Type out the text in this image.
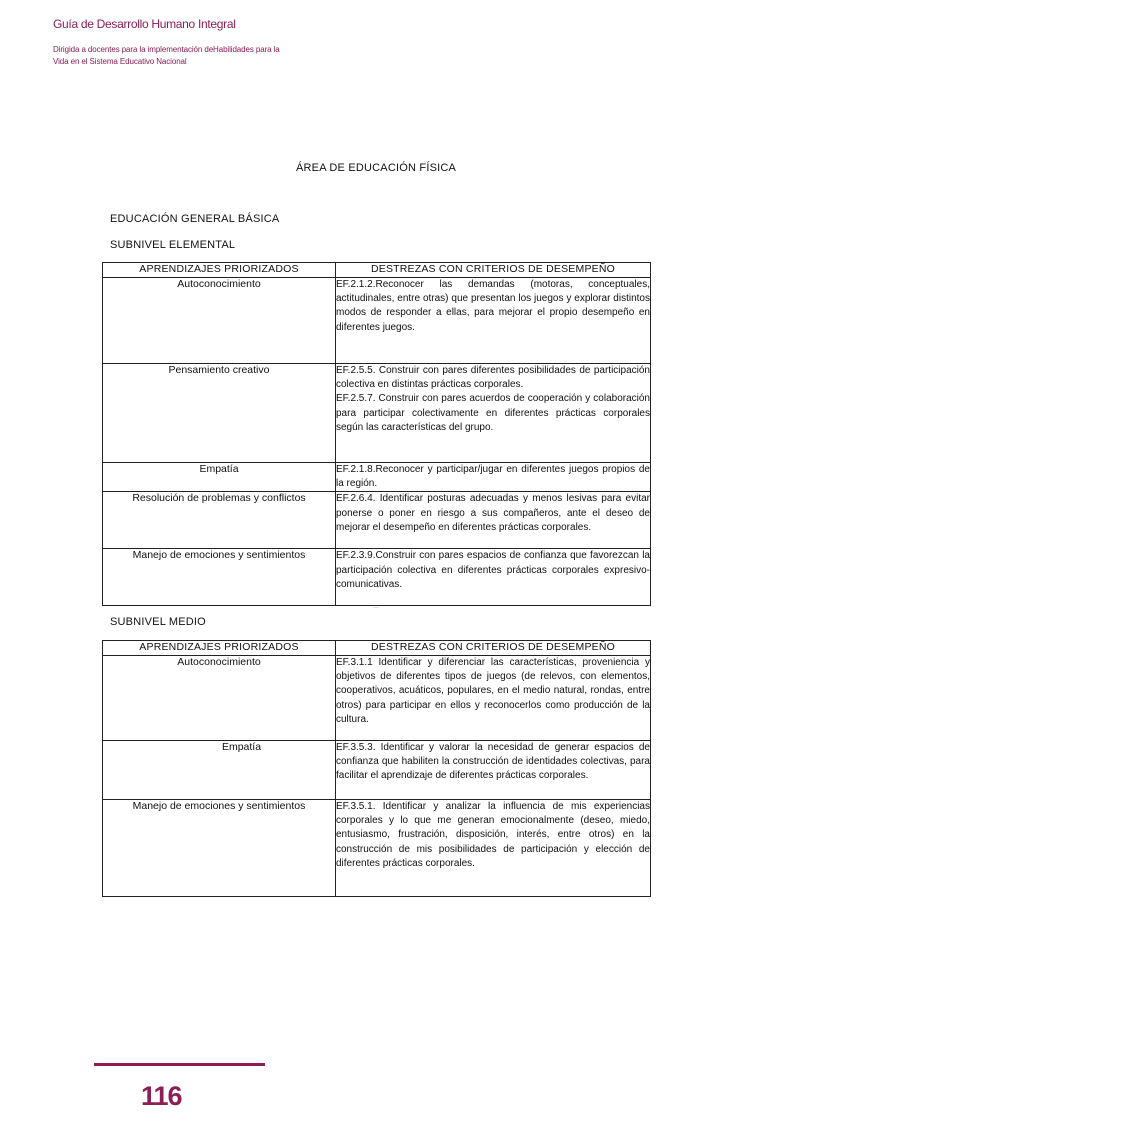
Guía de Desarrollo Humano Integral
Dirigida a docentes para la implementación deHabilidades para la
Vida en el Sistema Educativo Nacional
ÁREA DE EDUCACIÓN FÍSICA
EDUCACIÓN GENERAL BÁSICA
SUBNIVEL ELEMENTAL
APRENDIZAJES PRIORIZADOS	DESTREZAS CON CRITERIOS DE DESEMPEÑO
Autoconocimiento	EF.2.1.2.Reconocer las demandas (motoras, conceptuales, actitudinales, entre otras) que presentan los juegos y explorar distintos modos de responder a ellas, para mejorar el propio desempeño en diferentes juegos.

Pensamiento creativo	EF.2.5.5. Construir con pares diferentes posibilidades de participación colectiva en distintas prácticas corporales.

EF.2.5.7. Construir con pares acuerdos de cooperación y colaboración para participar colectivamente en diferentes prácticas corporales según las características del grupo.

Empatía	EF.2.1.8.Reconocer y participar/jugar en diferentes juegos propios de la región.

Resolución de problemas y conflictos	EF.2.6.4. Identificar posturas adecuadas y menos lesivas para evitar ponerse o poner en riesgo a sus compañeros, ante el deseo de mejorar el desempeño en diferentes prácticas corporales.

Manejo de emociones y sentimientos	EF.2.3.9.Construir con pares espacios de confianza que favorezcan la participación colectiva en diferentes prácticas corporales expresivo-comunicativas.

...
SUBNIVEL MEDIO
APRENDIZAJES PRIORIZADOS	DESTREZAS CON CRITERIOS DE DESEMPEÑO
Autoconocimiento	EF.3.1.1 Identificar y diferenciar las características, proveniencia y objetivos de diferentes tipos de juegos (de relevos, con elementos, cooperativos, acuáticos, populares, en el medio natural, rondas, entre otros) para participar en ellos y reconocerlos como producción de la cultura.

Empatía	EF.3.5.3. Identificar y valorar la necesidad de generar espacios de confianza que habiliten la construcción de identidades colectivas, para facilitar el aprendizaje de diferentes prácticas corporales.

Manejo de emociones y sentimientos	EF.3.5.1. Identificar y analizar la influencia de mis experiencias corporales y lo que me generan emocionalmente (deseo, miedo, entusiasmo, frustración, disposición, interés, entre otros) en la construcción de mis posibilidades de participación y elección de diferentes prácticas corporales.

116
